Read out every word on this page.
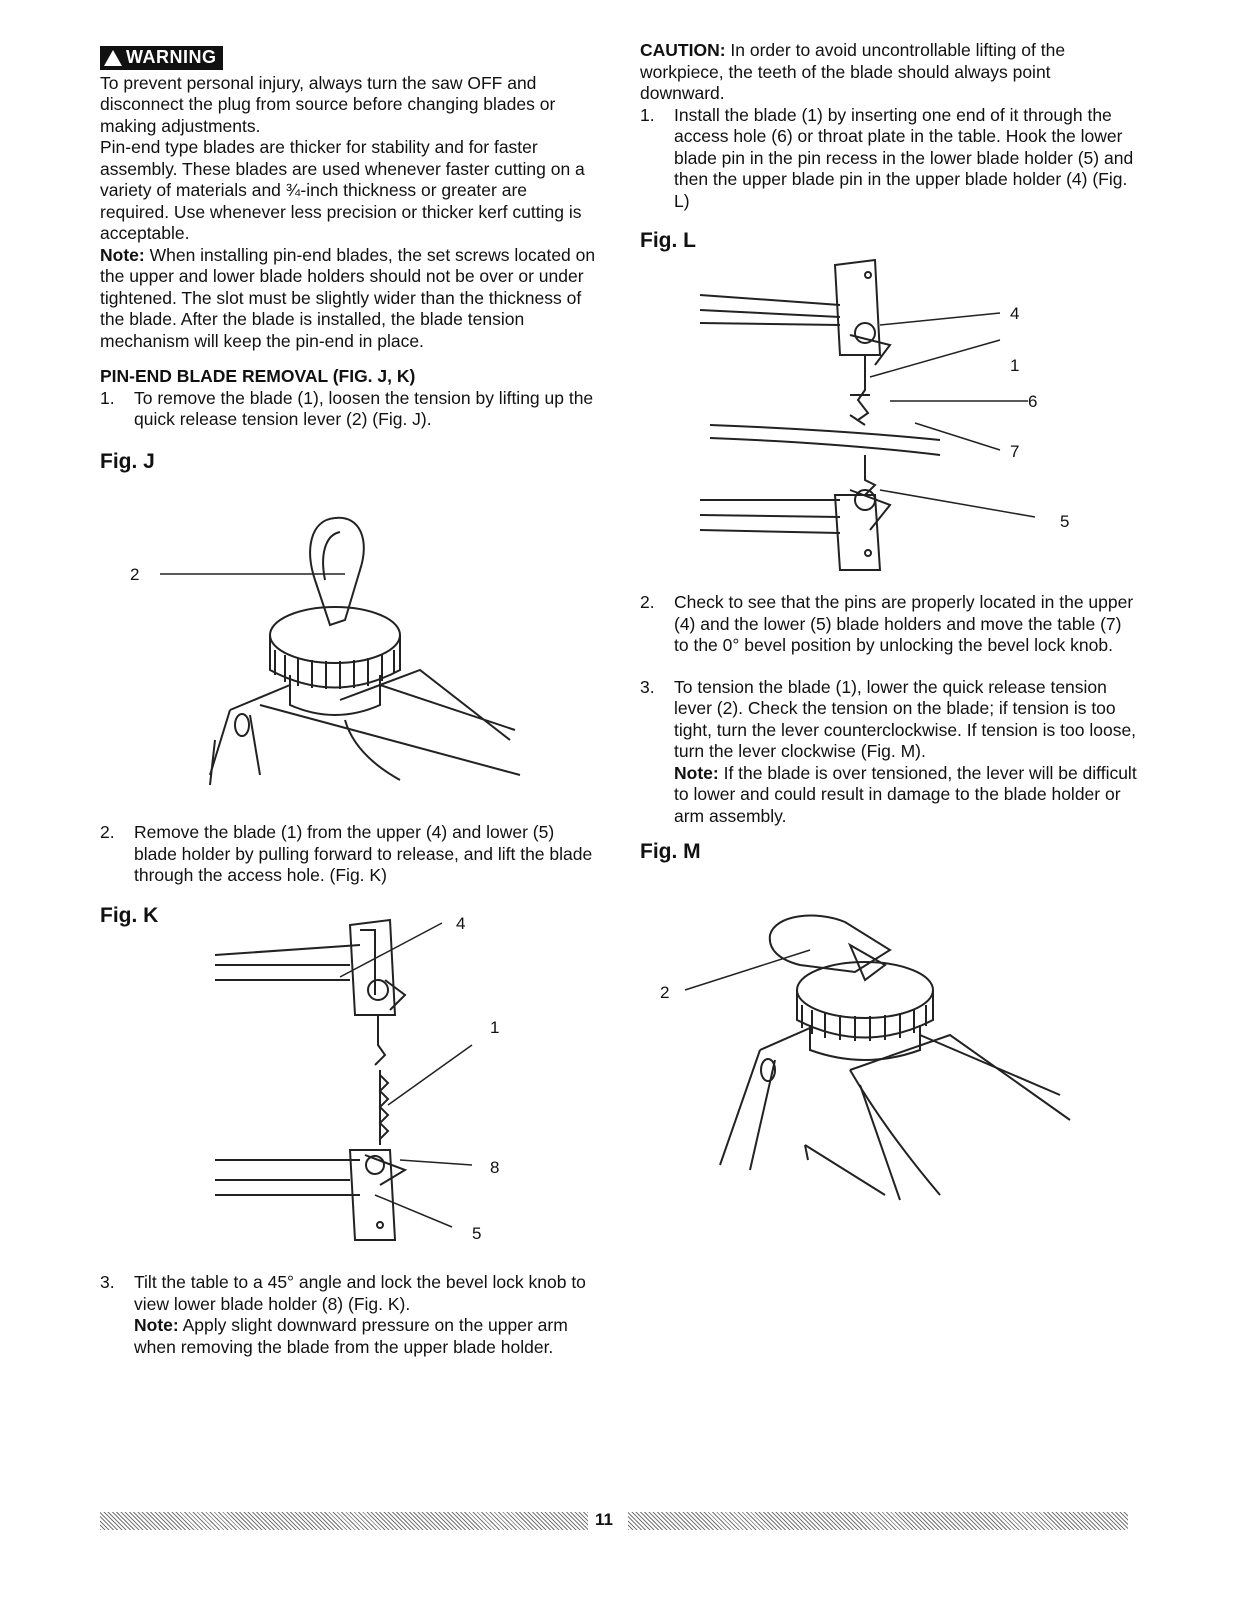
WARNING

To prevent personal injury, always turn the saw OFF and disconnect the plug from source before changing blades or making adjustments.

Pin-end type blades are thicker for stability and for faster assembly. These blades are used whenever faster cutting on a variety of materials and ¾-inch thickness or greater are required. Use whenever less precision or thicker kerf cutting is acceptable.

Note: When installing pin-end blades, the set screws located on the upper and lower blade holders should not be over or under tightened. The slot must be slightly wider than the thickness of the blade. After the blade is installed, the blade tension mechanism will keep the pin-end in place.

PIN-END BLADE REMOVAL (FIG. J, K)

1.	To remove the blade (1), loosen the tension by lifting up the quick release tension lever (2) (Fig. J).

Fig. J

2
2.	Remove the blade (1) from the upper (4) and lower (5) blade holder by pulling forward to release, and lift the blade through the access hole. (Fig. K)

Fig. K	4
1
8
5
3.	Tilt the table to a 45° angle and lock the bevel lock knob to view lower blade holder (8) (Fig. K).
Note: Apply slight downward pressure on the upper arm when removing the blade from the upper blade holder.

CAUTION: In order to avoid uncontrollable lifting of the workpiece, the teeth of the blade should always point downward.

1.	Install the blade (1) by inserting one end of it through the access hole (6) or throat plate in the table. Hook the lower blade pin in the pin recess in the lower blade holder (5) and then the upper blade pin in the upper blade holder (4) (Fig. L)

Fig. L

4
1
6
7
5
2.	Check to see that the pins are properly located in the upper (4) and the lower (5) blade holders and move the table (7) to the 0° bevel position by unlocking the bevel lock knob.
3.	To tension the blade (1), lower the quick release tension lever (2). Check the tension on the blade; if tension is too tight, turn the lever counterclockwise. If tension is too loose, turn the lever clockwise (Fig. M).
Note: If the blade is over tensioned, the lever will be difficult to lower and could result in damage to the blade holder or arm assembly.

Fig. M

2
11
